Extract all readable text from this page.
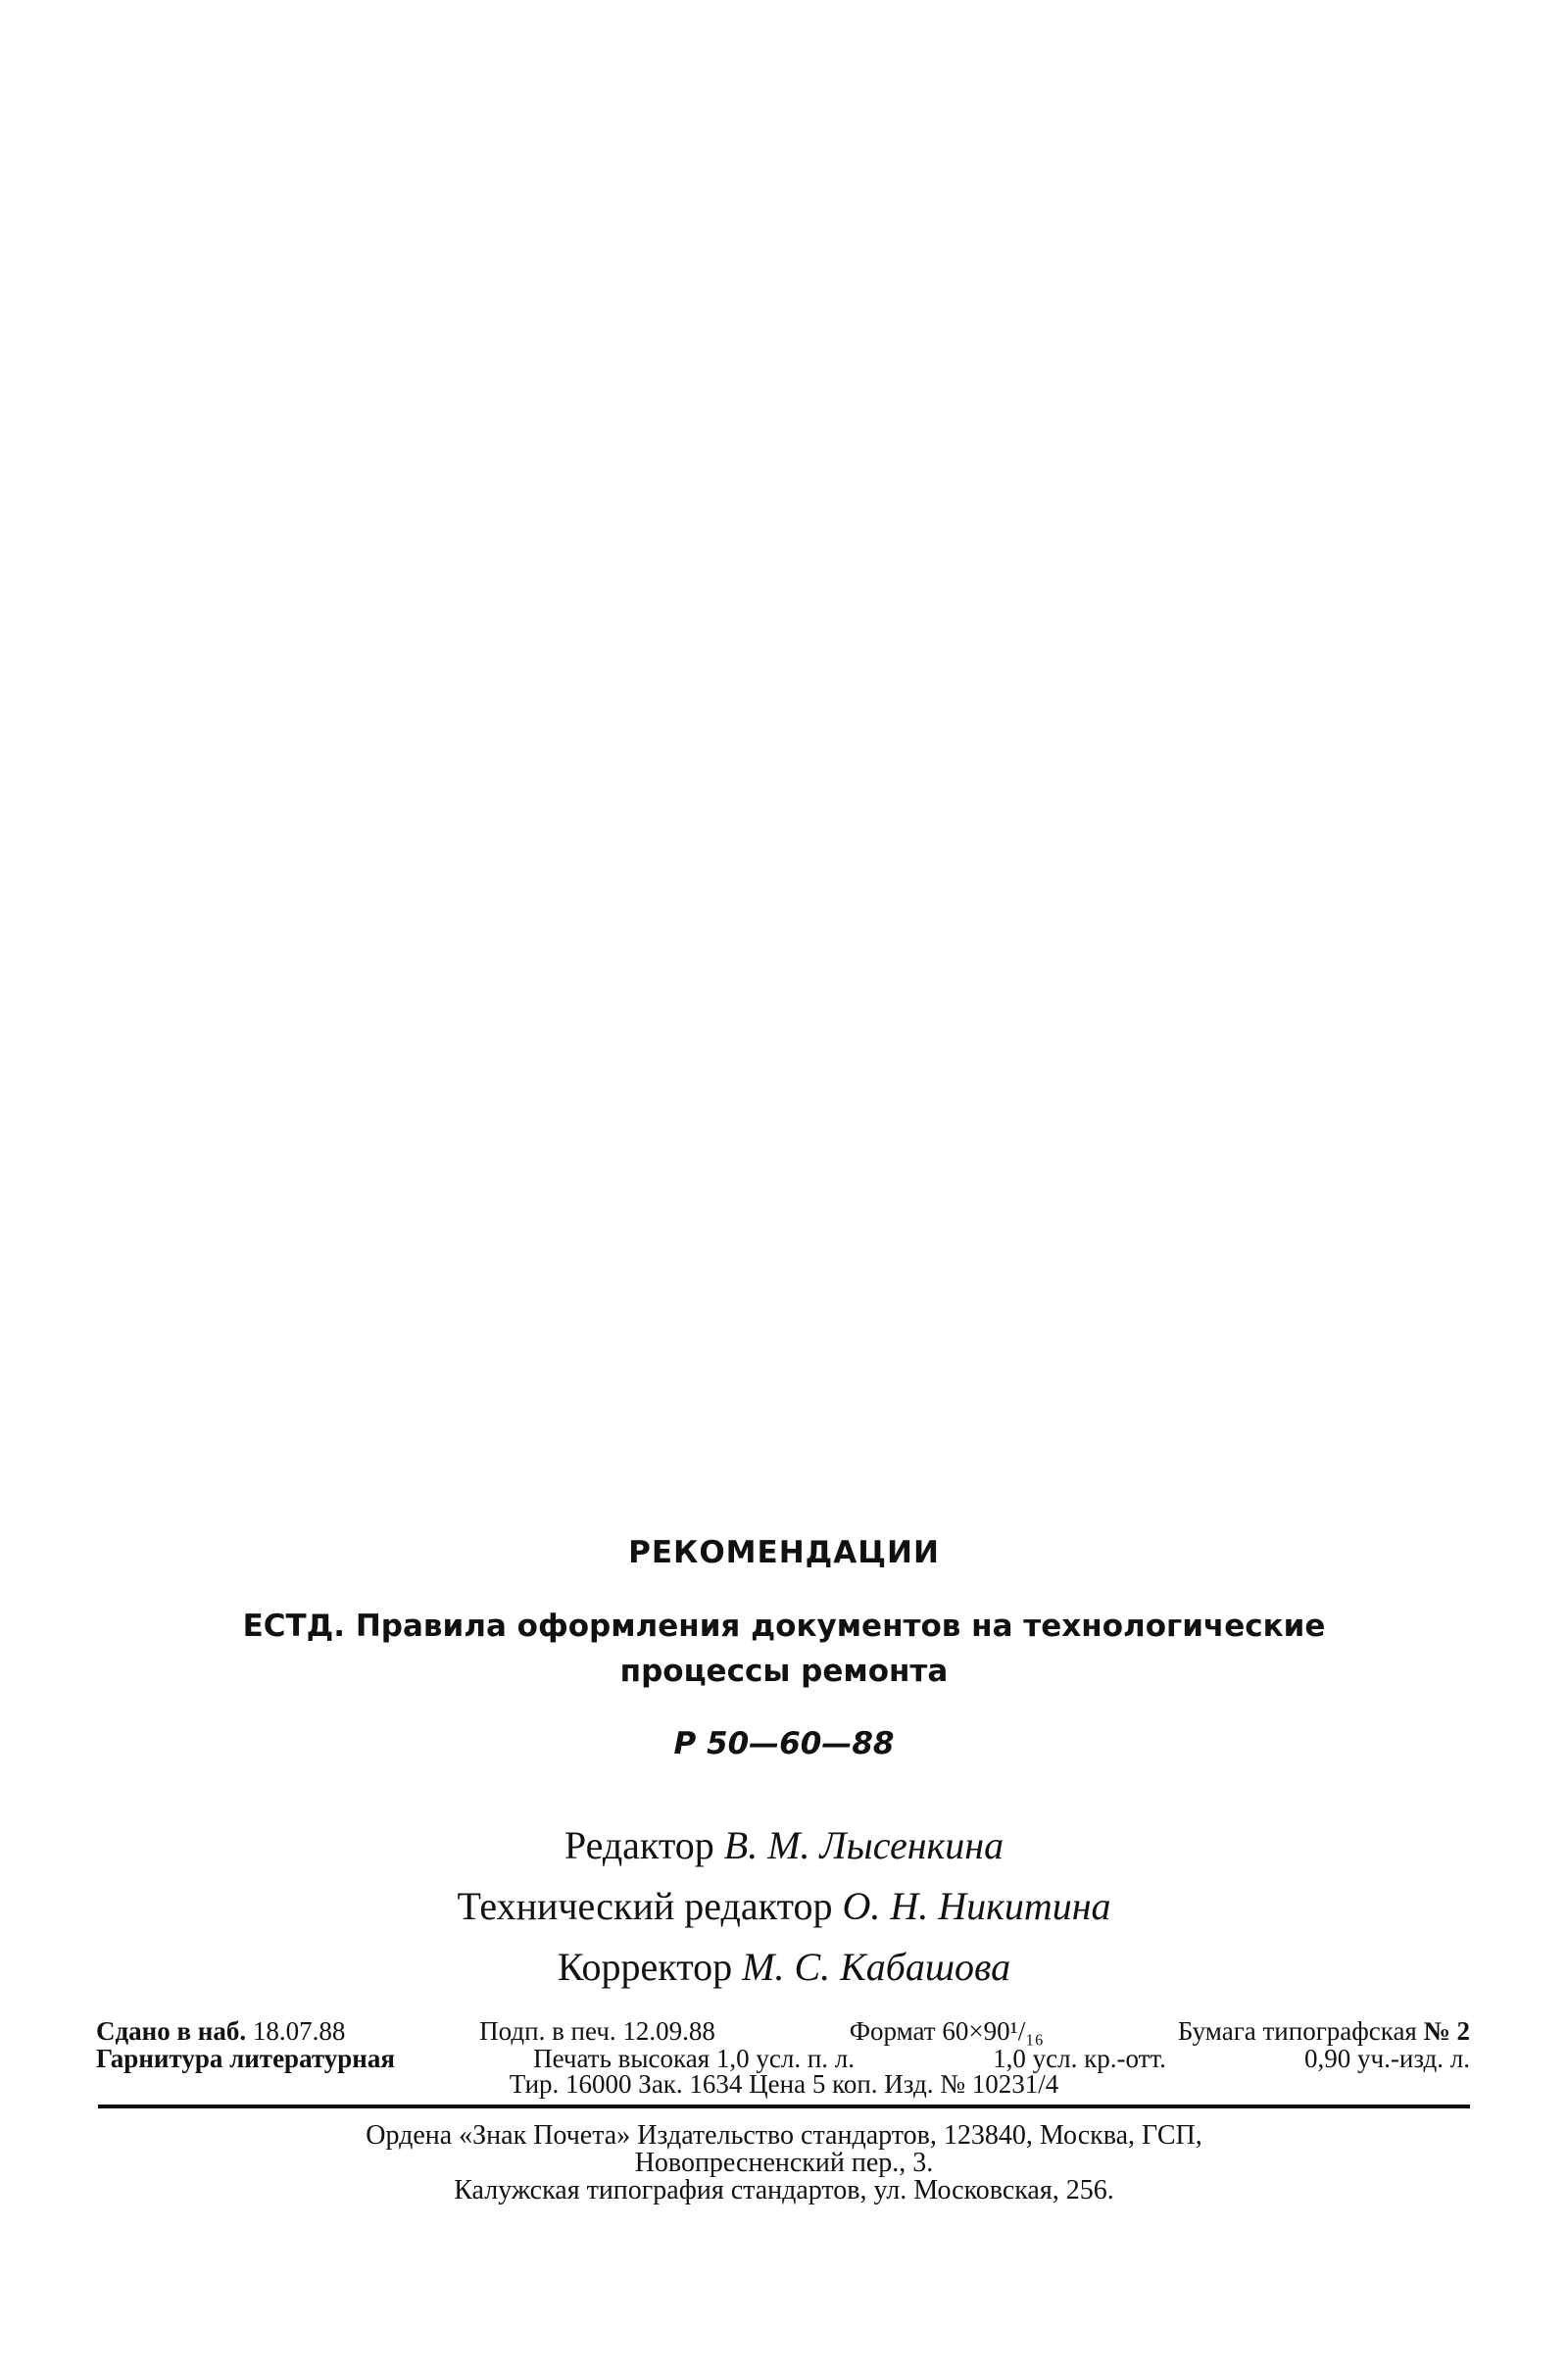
РЕКОМЕНДАЦИИ
ЕСТД. Правила оформления документов на технологические
процессы ремонта
Р 50—60—88
Редактор В. М. Лысенкина
Технический редактор О. Н. Никитина
Корректор М. С. Кабашова
Сдано в наб. 18.07.88	Подп. в печ. 12.09.88	Формат 60×90¹/₁₆	Бумага типографская № 2
Гарнитура литературная	Печать высокая 1,0 усл. п. л.	1,0 усл. кр.-отт.	0,90 уч.-изд. л.
Тир. 16000 Зак. 1634 Цена 5 коп. Изд. № 10231/4
Ордена «Знак Почета» Издательство стандартов, 123840, Москва, ГСП,
Новопресненский пер., 3.
Калужская типография стандартов, ул. Московская, 256.
